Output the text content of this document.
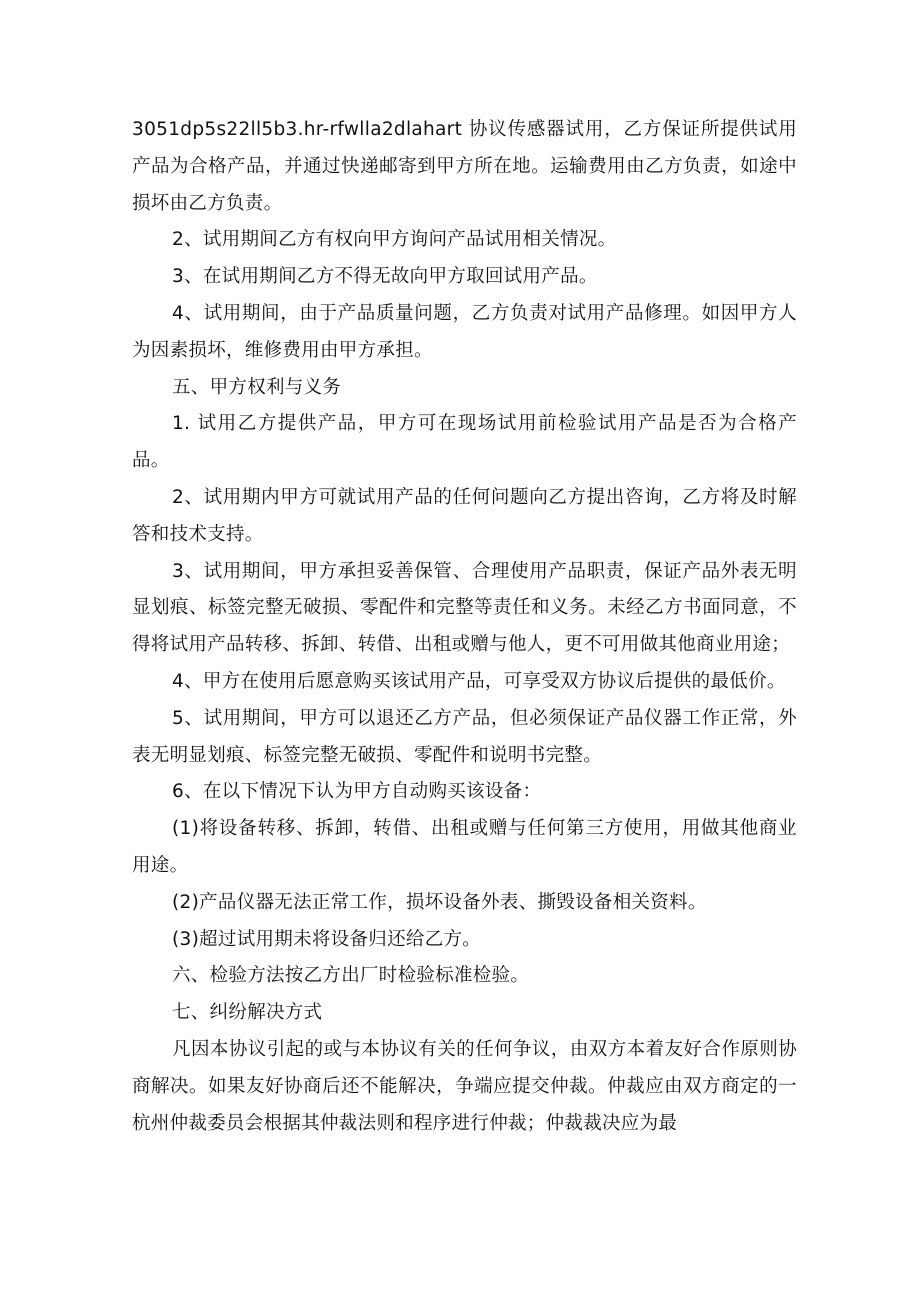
3051dp5s22ll5b3.hr-rfwlla2dlahart 协议传感器试用，乙方保证所提供试用产品为合格产品，并通过快递邮寄到甲方所在地。运输费用由乙方负责，如途中损坏由乙方负责。

2、试用期间乙方有权向甲方询问产品试用相关情况。

3、在试用期间乙方不得无故向甲方取回试用产品。

4、试用期间，由于产品质量问题，乙方负责对试用产品修理。如因甲方人为因素损坏，维修费用由甲方承担。

五、甲方权利与义务

1. 试用乙方提供产品，甲方可在现场试用前检验试用产品是否为合格产品。

2、试用期内甲方可就试用产品的任何问题向乙方提出咨询，乙方将及时解答和技术支持。

3、试用期间，甲方承担妥善保管、合理使用产品职责，保证产品外表无明显划痕、标签完整无破损、零配件和完整等责任和义务。未经乙方书面同意，不得将试用产品转移、拆卸、转借、出租或赠与他人，更不可用做其他商业用途；

4、甲方在使用后愿意购买该试用产品，可享受双方协议后提供的最低价。

5、试用期间，甲方可以退还乙方产品，但必须保证产品仪器工作正常，外表无明显划痕、标签完整无破损、零配件和说明书完整。

6、在以下情况下认为甲方自动购买该设备：

(1)将设备转移、拆卸，转借、出租或赠与任何第三方使用，用做其他商业用途。

(2)产品仪器无法正常工作，损坏设备外表、撕毁设备相关资料。

(3)超过试用期未将设备归还给乙方。

六、检验方法按乙方出厂时检验标准检验。

七、纠纷解决方式

凡因本协议引起的或与本协议有关的任何争议，由双方本着友好合作原则协商解决。如果友好协商后还不能解决，争端应提交仲裁。仲裁应由双方商定的一杭州仲裁委员会根据其仲裁法则和程序进行仲裁；仲裁裁决应为最
